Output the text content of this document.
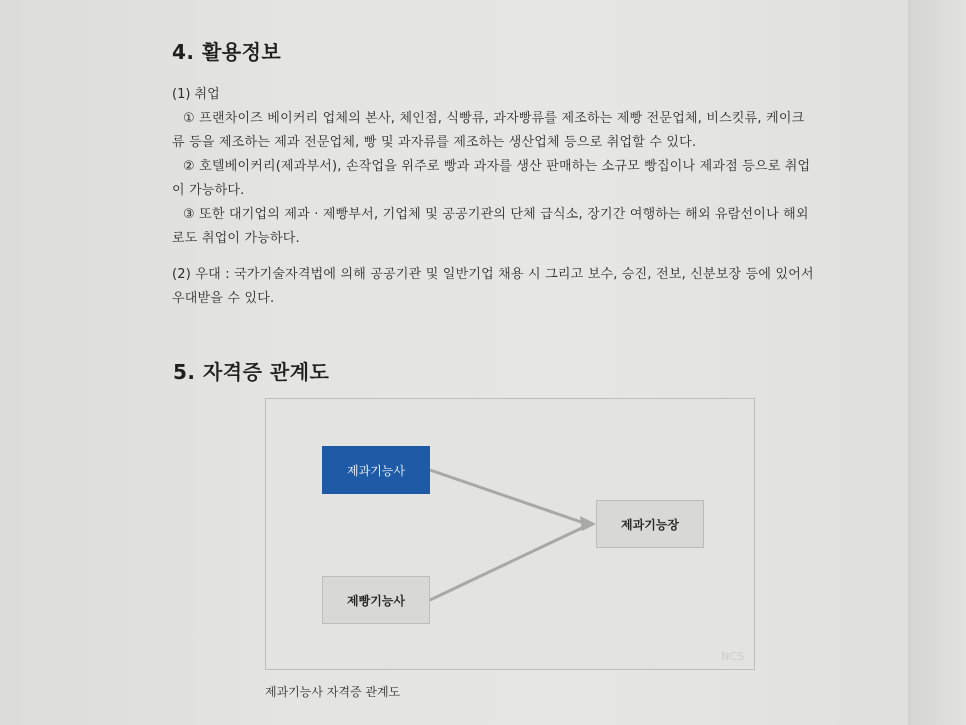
4. 활용정보
(1) 취업
① 프랜차이즈 베이커리 업체의 본사, 체인점, 식빵류, 과자빵류를 제조하는 제빵 전문업체, 비스킷류, 케이크
류 등을 제조하는 제과 전문업체, 빵 및 과자류를 제조하는 생산업체 등으로 취업할 수 있다.
② 호텔베이커리(제과부서), 손작업을 위주로 빵과 과자를 생산 판매하는 소규모 빵집이나 제과점 등으로 취업
이 가능하다.
③ 또한 대기업의 제과 · 제빵부서, 기업체 및 공공기관의 단체 급식소, 장기간 여행하는 해외 유람선이나 해외
로도 취업이 가능하다.
(2) 우대 : 국가기술자격법에 의해 공공기관 및 일반기업 채용 시 그리고 보수, 승진, 전보, 신분보장 등에 있어서
우대받을 수 있다.
5. 자격증 관계도
제과기능사
제빵기능사
제과기능장
NCS
제과기능사 자격증 관계도
